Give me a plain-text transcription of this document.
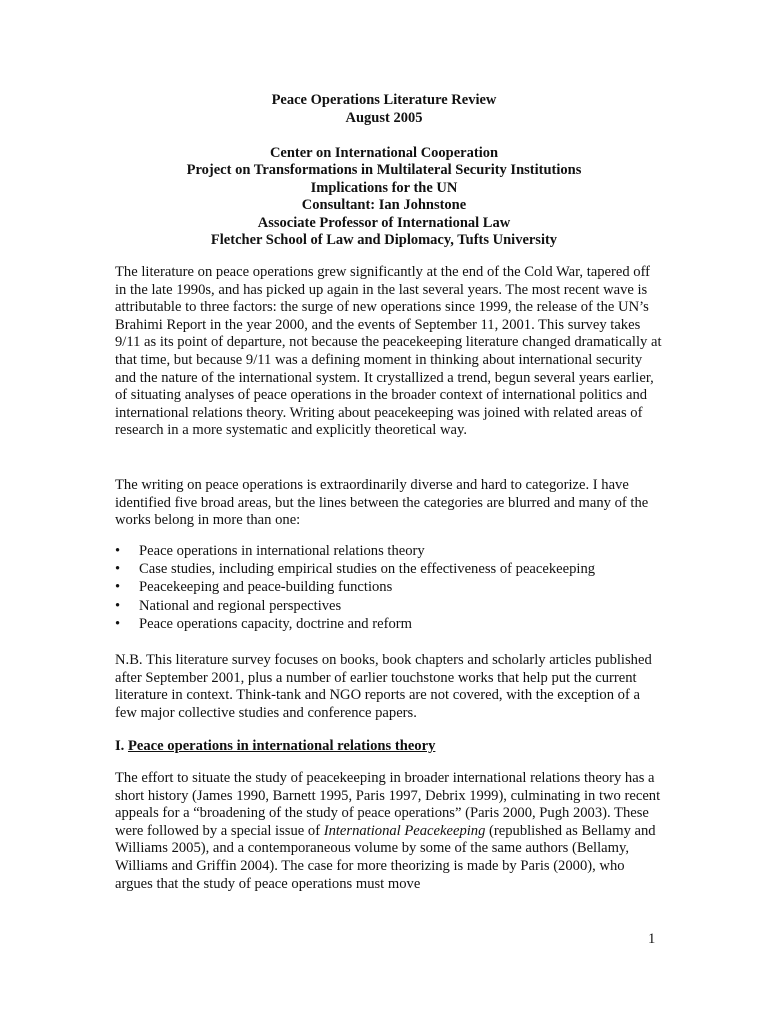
Peace Operations Literature Review
August 2005
Center on International Cooperation
Project on Transformations in Multilateral Security Institutions
Implications for the UN
Consultant: Ian Johnstone
Associate Professor of International Law
Fletcher School of Law and Diplomacy, Tufts University

The literature on peace operations grew significantly at the end of the Cold War, tapered off in the late 1990s, and has picked up again in the last several years. The most recent wave is attributable to three factors: the surge of new operations since 1999, the release of the UN’s Brahimi Report in the year 2000, and the events of September 11, 2001. This survey takes 9/11 as its point of departure, not because the peacekeeping literature changed dramatically at that time, but because 9/11 was a defining moment in thinking about international security and the nature of the international system. It crystallized a trend, begun several years earlier, of situating analyses of peace operations in the broader context of international politics and international relations theory. Writing about peacekeeping was joined with related areas of research in a more systematic and explicitly theoretical way.

The writing on peace operations is extraordinarily diverse and hard to categorize. I have identified five broad areas, but the lines between the categories are blurred and many of the works belong in more than one:

• Peace operations in international relations theory
• Case studies, including empirical studies on the effectiveness of peacekeeping
• Peacekeeping and peace-building functions
• National and regional perspectives
• Peace operations capacity, doctrine and reform

N.B. This literature survey focuses on books, book chapters and scholarly articles published after September 2001, plus a number of earlier touchstone works that help put the current literature in context. Think-tank and NGO reports are not covered, with the exception of a few major collective studies and conference papers.

I. Peace operations in international relations theory

The effort to situate the study of peacekeeping in broader international relations theory has a short history (James 1990, Barnett 1995, Paris 1997, Debrix 1999), culminating in two recent appeals for a “broadening of the study of peace operations” (Paris 2000, Pugh 2003). These were followed by a special issue of International Peacekeeping (republished as Bellamy and Williams 2005), and a contemporaneous volume by some of the same authors (Bellamy, Williams and Griffin 2004). The case for more theorizing is made by Paris (2000), who argues that the study of peace operations must move

1
